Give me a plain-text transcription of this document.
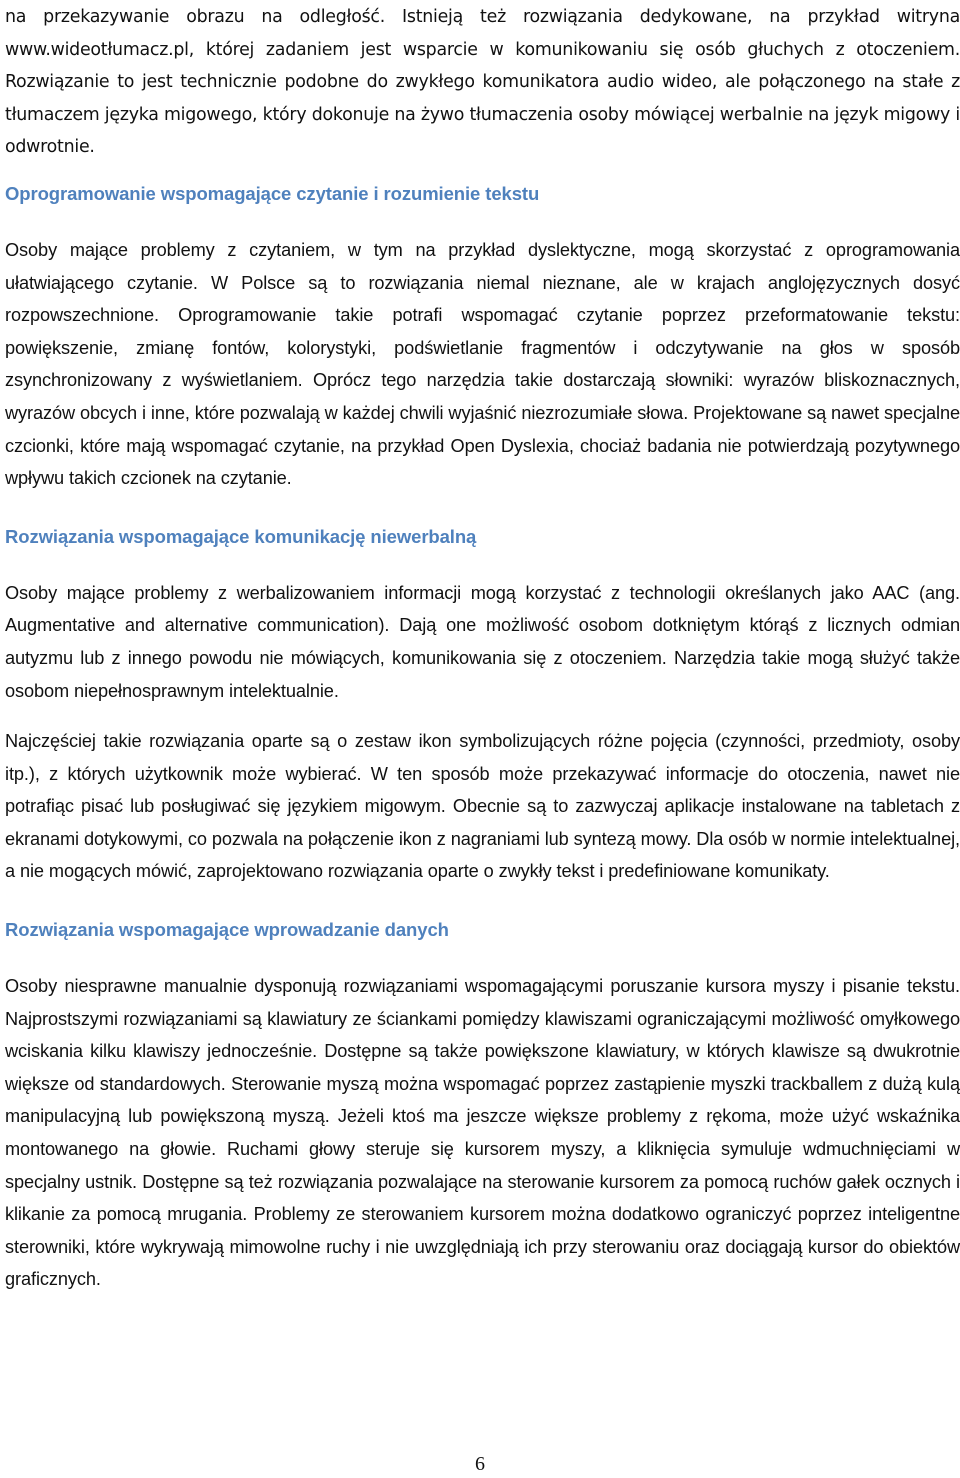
na przekazywanie obrazu na odległość. Istnieją też rozwiązania dedykowane, na przykład witryna www.wideotłumacz.pl, której zadaniem jest wsparcie w komunikowaniu się osób głuchych z otoczeniem. Rozwiązanie to jest technicznie podobne do zwykłego komunikatora audio wideo, ale połączonego na stałe z tłumaczem języka migowego, który dokonuje na żywo tłumaczenia osoby mówiącej werbalnie na język migowy i odwrotnie.

Oprogramowanie wspomagające czytanie i rozumienie tekstu

Osoby mające problemy z czytaniem, w tym na przykład dyslektyczne, mogą skorzystać z oprogramowania ułatwiającego czytanie. W Polsce są to rozwiązania niemal nieznane, ale w krajach anglojęzycznych dosyć rozpowszechnione. Oprogramowanie takie potrafi wspomagać czytanie poprzez przeformatowanie tekstu: powiększenie, zmianę fontów, kolorystyki, podświetlanie fragmentów i odczytywanie na głos w sposób zsynchronizowany z wyświetlaniem. Oprócz tego narzędzia takie dostarczają słowniki: wyrazów bliskoznacznych, wyrazów obcych i inne, które pozwalają w każdej chwili wyjaśnić niezrozumiałe słowa. Projektowane są nawet specjalne czcionki, które mają wspomagać czytanie, na przykład Open Dyslexia, chociaż badania nie potwierdzają pozytywnego wpływu takich czcionek na czytanie.

Rozwiązania wspomagające komunikację niewerbalną

Osoby mające problemy z werbalizowaniem informacji mogą korzystać z technologii określanych jako AAC (ang. Augmentative and alternative communication). Dają one możliwość osobom dotkniętym którąś z licznych odmian autyzmu lub z innego powodu nie mówiących, komunikowania się z otoczeniem. Narzędzia takie mogą służyć także osobom niepełnosprawnym intelektualnie.

Najczęściej takie rozwiązania oparte są o zestaw ikon symbolizujących różne pojęcia (czynności, przedmioty, osoby itp.), z których użytkownik może wybierać. W ten sposób może przekazywać informacje do otoczenia, nawet nie potrafiąc pisać lub posługiwać się językiem migowym. Obecnie są to zazwyczaj aplikacje instalowane na tabletach z ekranami dotykowymi, co pozwala na połączenie ikon z nagraniami lub syntezą mowy. Dla osób w normie intelektualnej, a nie mogących mówić, zaprojektowano rozwiązania oparte o zwykły tekst i predefiniowane komunikaty.

Rozwiązania wspomagające wprowadzanie danych

Osoby niesprawne manualnie dysponują rozwiązaniami wspomagającymi poruszanie kursora myszy i pisanie tekstu. Najprostszymi rozwiązaniami są klawiatury ze ściankami pomiędzy klawiszami ograniczającymi możliwość omyłkowego wciskania kilku klawiszy jednocześnie. Dostępne są także powiększone klawiatury, w których klawisze są dwukrotnie większe od standardowych. Sterowanie myszą można wspomagać poprzez zastąpienie myszki trackballem z dużą kulą manipulacyjną lub powiększoną myszą. Jeżeli ktoś ma jeszcze większe problemy z rękoma, może użyć wskaźnika montowanego na głowie. Ruchami głowy steruje się kursorem myszy, a kliknięcia symuluje wdmuchnięciami w specjalny ustnik. Dostępne są też rozwiązania pozwalające na sterowanie kursorem za pomocą ruchów gałek ocznych i klikanie za pomocą mrugania. Problemy ze sterowaniem kursorem można dodatkowo ograniczyć poprzez inteligentne sterowniki, które wykrywają mimowolne ruchy i nie uwzględniają ich przy sterowaniu oraz dociągają kursor do obiektów graficznych.

6
